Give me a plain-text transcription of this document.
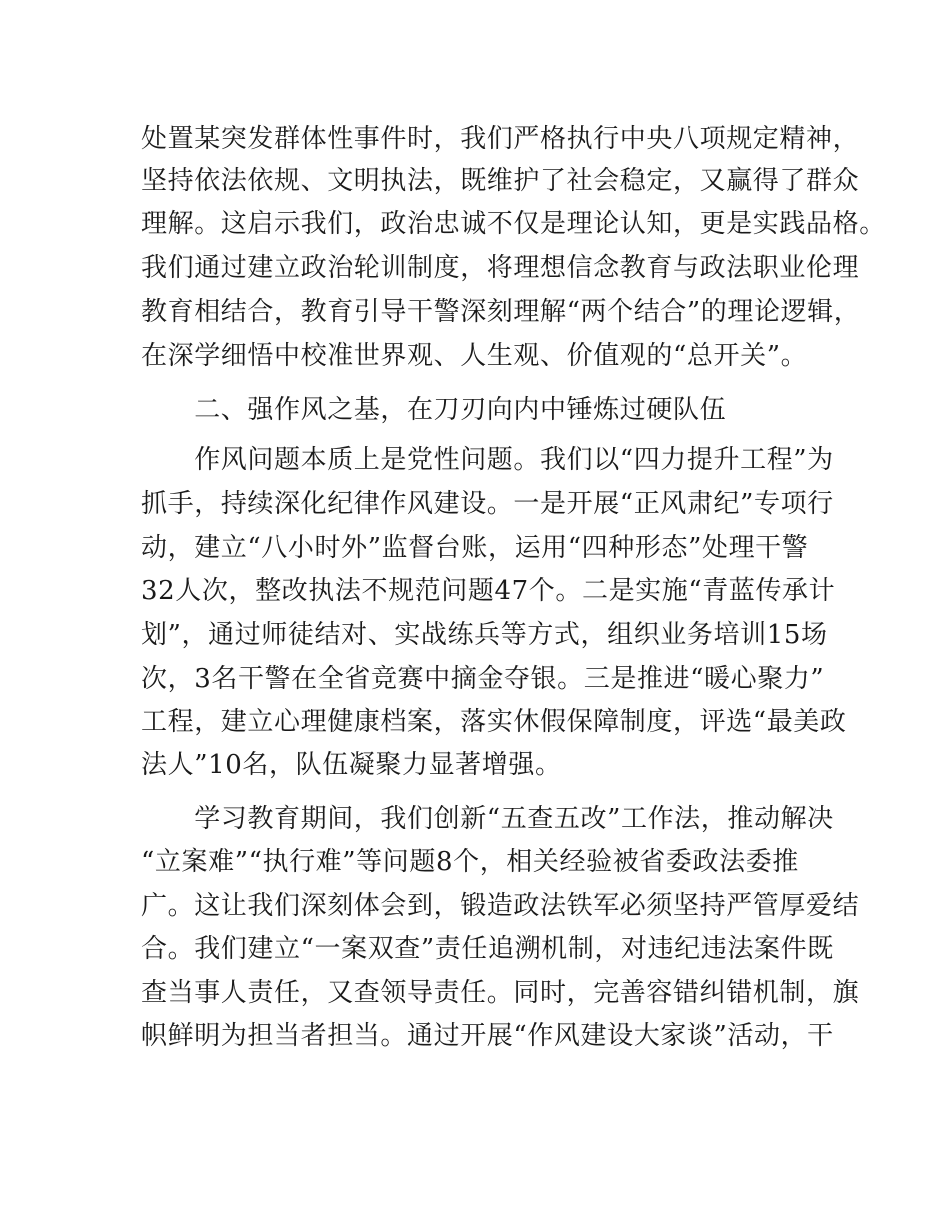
处置某突发群体性事件时，我们严格执行中央八项规定精神，
坚持依法依规、文明执法，既维护了社会稳定，又赢得了群众
理解。这启示我们，政治忠诚不仅是理论认知，更是实践品格。
我们通过建立政治轮训制度，将理想信念教育与政法职业伦理
教育相结合，教育引导干警深刻理解“两个结合”的理论逻辑，
在深学细悟中校准世界观、人生观、价值观的“总开关”。
　　二、强作风之基，在刀刃向内中锤炼过硬队伍
　　作风问题本质上是党性问题。我们以“四力提升工程”为
抓手，持续深化纪律作风建设。一是开展“正风肃纪”专项行
动，建立“八小时外”监督台账，运用“四种形态”处理干警
32人次，整改执法不规范问题47个。二是实施“青蓝传承计
划”，通过师徒结对、实战练兵等方式，组织业务培训15场
次，3名干警在全省竞赛中摘金夺银。三是推进“暖心聚力”
工程，建立心理健康档案，落实休假保障制度，评选“最美政
法人”10名，队伍凝聚力显著增强。
　　学习教育期间，我们创新“五查五改”工作法，推动解决
“立案难”“执行难”等问题8个，相关经验被省委政法委推
广。这让我们深刻体会到，锻造政法铁军必须坚持严管厚爱结
合。我们建立“一案双查”责任追溯机制，对违纪违法案件既
查当事人责任，又查领导责任。同时，完善容错纠错机制，旗
帜鲜明为担当者担当。通过开展“作风建设大家谈”活动，干
